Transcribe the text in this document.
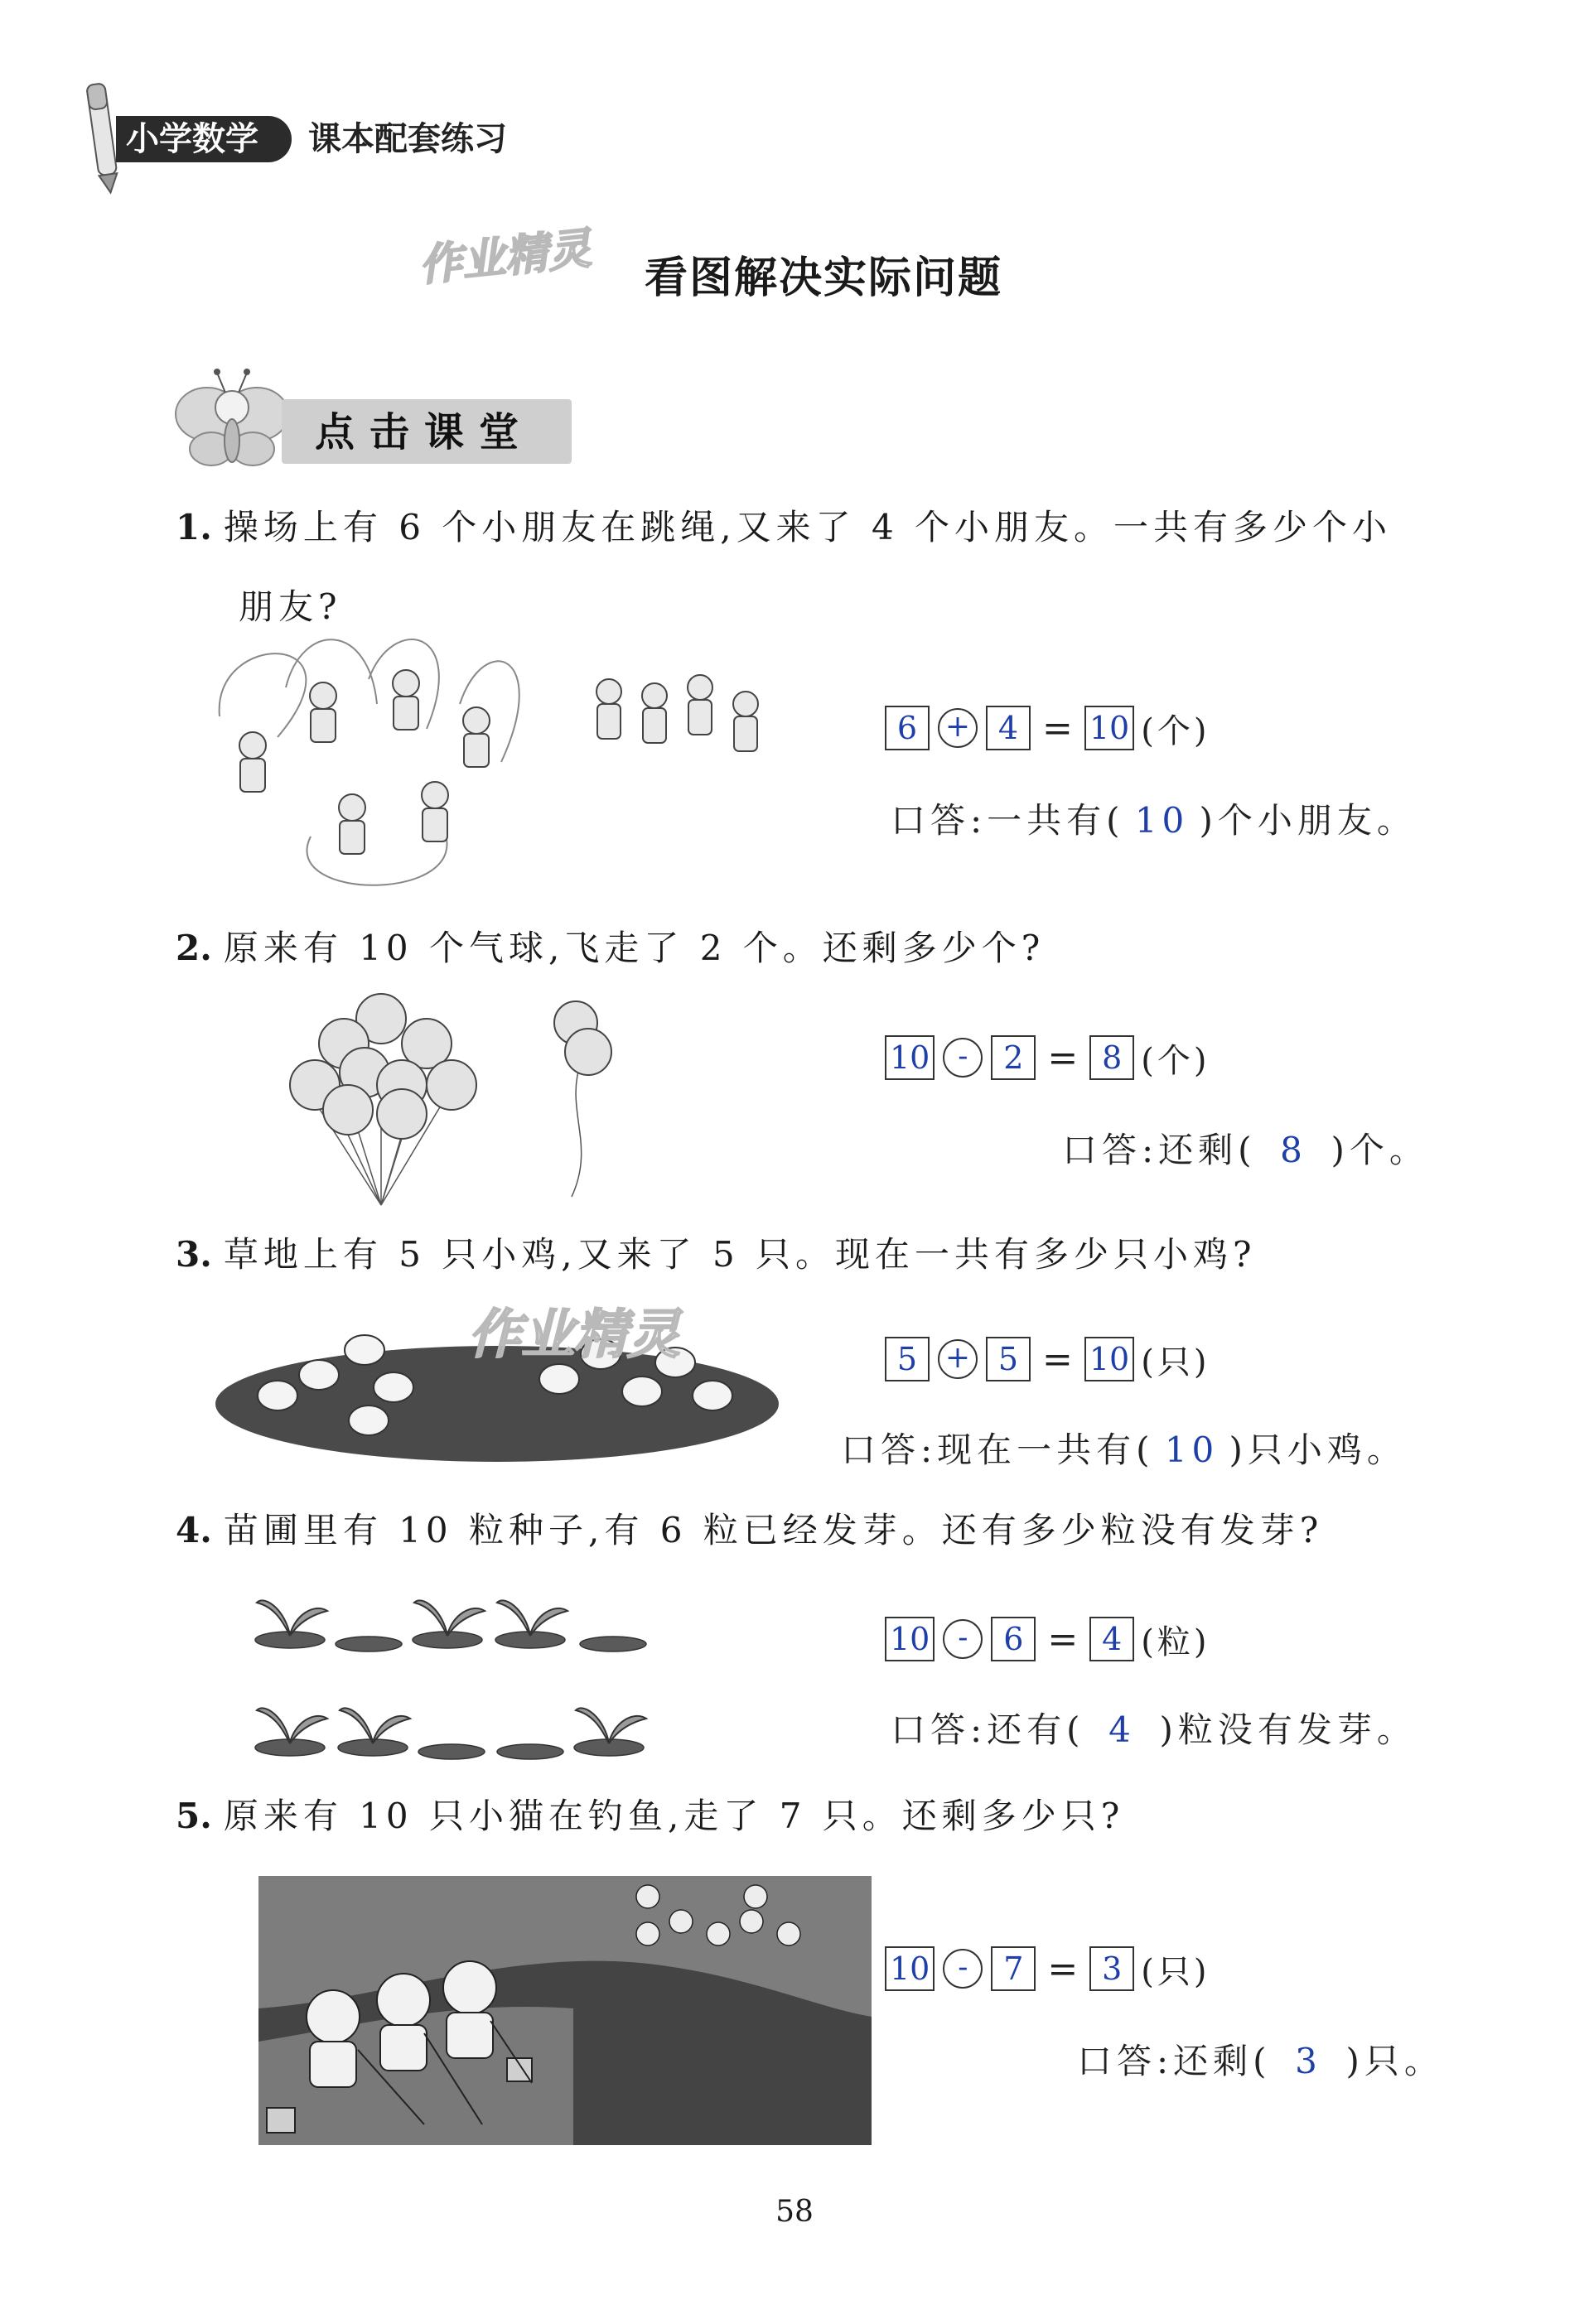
小学数学	课本配套练习
作业精灵	看图解决实际问题
点击课堂
1. 操场上有 6 个小朋友在跳绳,又来了 4 个小朋友。一共有多少个小
朋友?
6 + 4 = 10 (个)
口答:一共有( 10 )个小朋友。
2. 原来有 10 个气球,飞走了 2 个。还剩多少个?
10 -	2 = 8 (个)
口答:还剩( 8 )个。
3. 草地上有 5 只小鸡,又来了 5 只。现在一共有多少只小鸡?
作业精灵	5 + 5 = 10 (只)
口答:现在一共有( 10 )只小鸡。
4. 苗圃里有 10 粒种子,有 6 粒已经发芽。还有多少粒没有发芽?
10 -	6 = 4 (粒)
口答:还有( 4 )粒没有发芽。
5. 原来有 10 只小猫在钓鱼,走了 7 只。还剩多少只?
10 -	7 = 3 (只)
口答:还剩( 3 )只。
58
